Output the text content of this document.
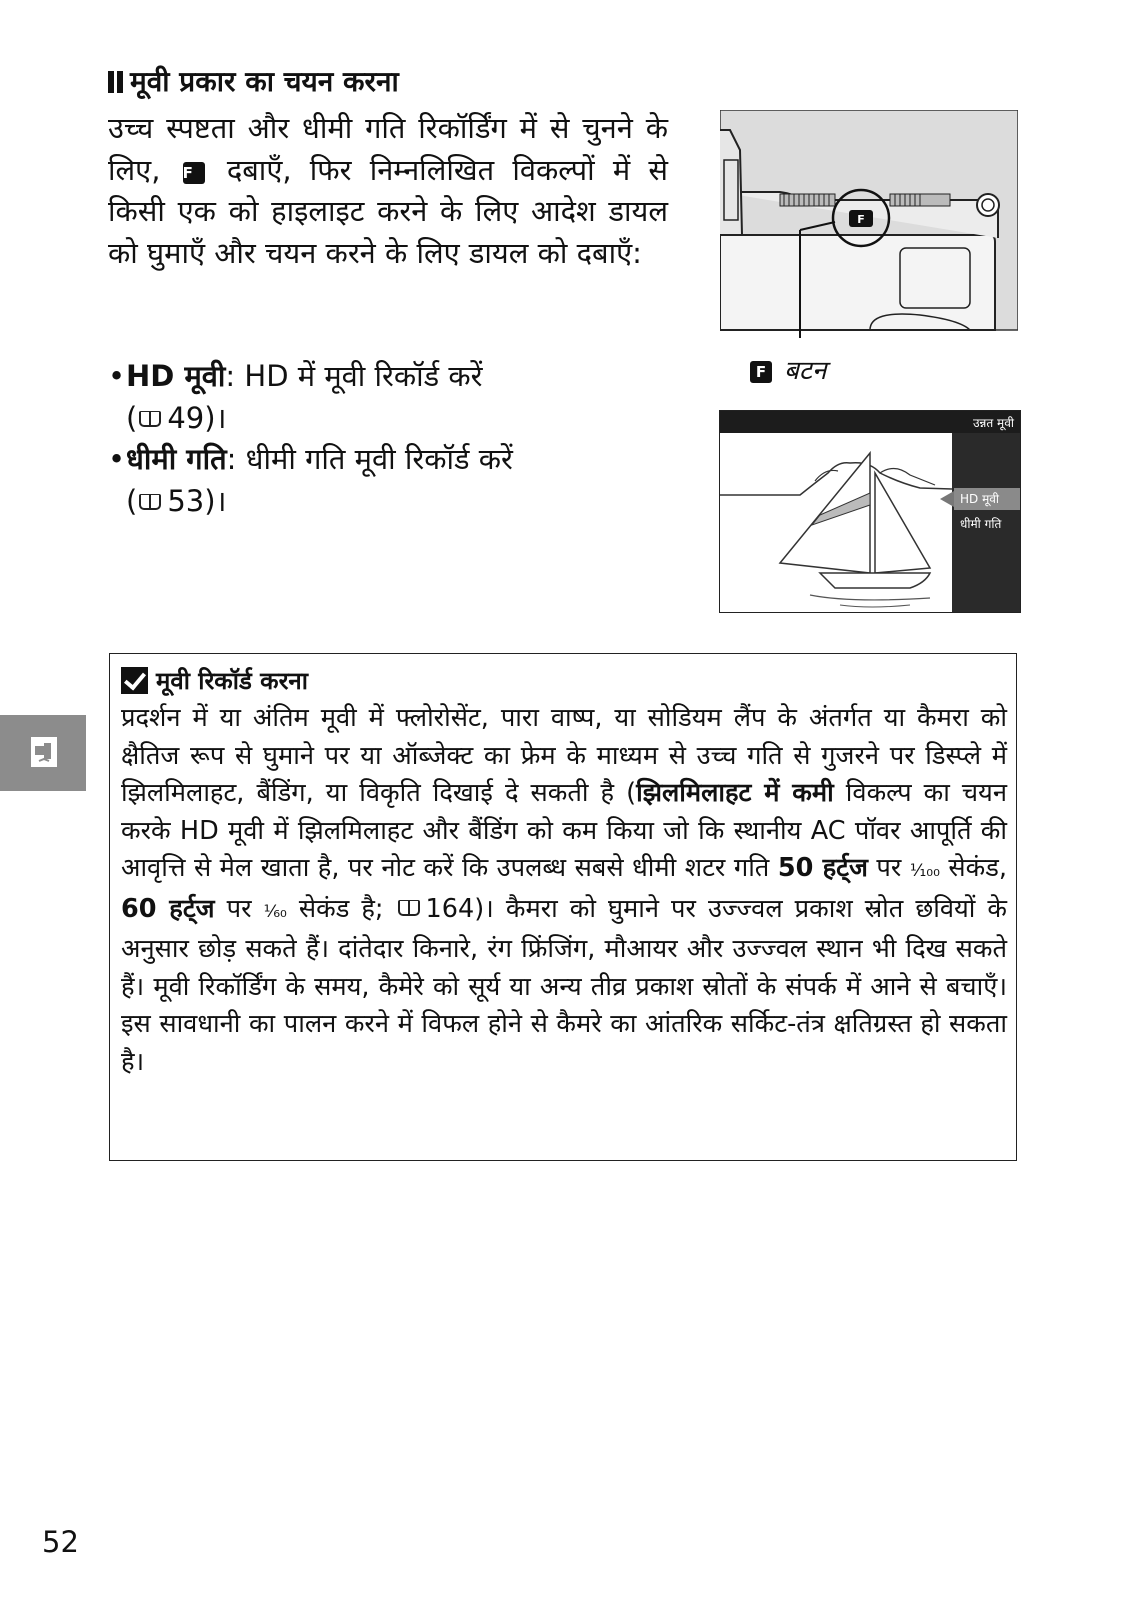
मूवी प्रकार का चयन करना
उच्च स्पष्टता और धीमी गति रिकॉर्डिंग में से चुनने के लिए, F दबाएँ, फिर निम्नलिखित विकल्पों में से किसी एक को हाइलाइट करने के लिए आदेश डायल को घुमाएँ और चयन करने के लिए डायल को दबाएँ:
• HD मूवी: HD में मूवी रिकॉर्ड करें
( 49)।
• धीमी गति: धीमी गति मूवी रिकॉर्ड करें
( 53)।
F
F बटन
उन्नत मूवी
HD मूवी
धीमी गति
मूवी रिकॉर्ड करना
प्रदर्शन में या अंतिम मूवी में फ्लोरोसेंट, पारा वाष्प, या सोडियम लैंप के अंतर्गत या कैमरा को क्षैतिज रूप से घुमाने पर या ऑब्जेक्ट का फ्रेम के माध्यम से उच्च गति से गुजरने पर डिस्प्ले में झिलमिलाहट, बैंडिंग, या विकृति दिखाई दे सकती है (झिलमिलाहट में कमी विकल्प का चयन करके HD मूवी में झिलमिलाहट और बैंडिंग को कम किया जो कि स्थानीय AC पॉवर आपूर्ति की आवृत्ति से मेल खाता है, पर नोट करें कि उपलब्ध सबसे धीमी शटर गति 50 हर्ट्ज पर ¹⁄₁₀₀ सेकंड, 60 हर्ट्ज पर ¹⁄₆₀ सेकंड है; 164)। कैमरा को घुमाने पर उज्ज्वल प्रकाश स्रोत छवियों के अनुसार छोड़ सकते हैं। दांतेदार किनारे, रंग फ्रिंजिंग, मौआयर और उज्ज्वल स्थान भी दिख सकते हैं। मूवी रिकॉर्डिंग के समय, कैमेरे को सूर्य या अन्य तीव्र प्रकाश स्रोतों के संपर्क में आने से बचाएँ। इस सावधानी का पालन करने में विफल होने से कैमरे का आंतरिक सर्किट-तंत्र क्षतिग्रस्त हो सकता है।
52
